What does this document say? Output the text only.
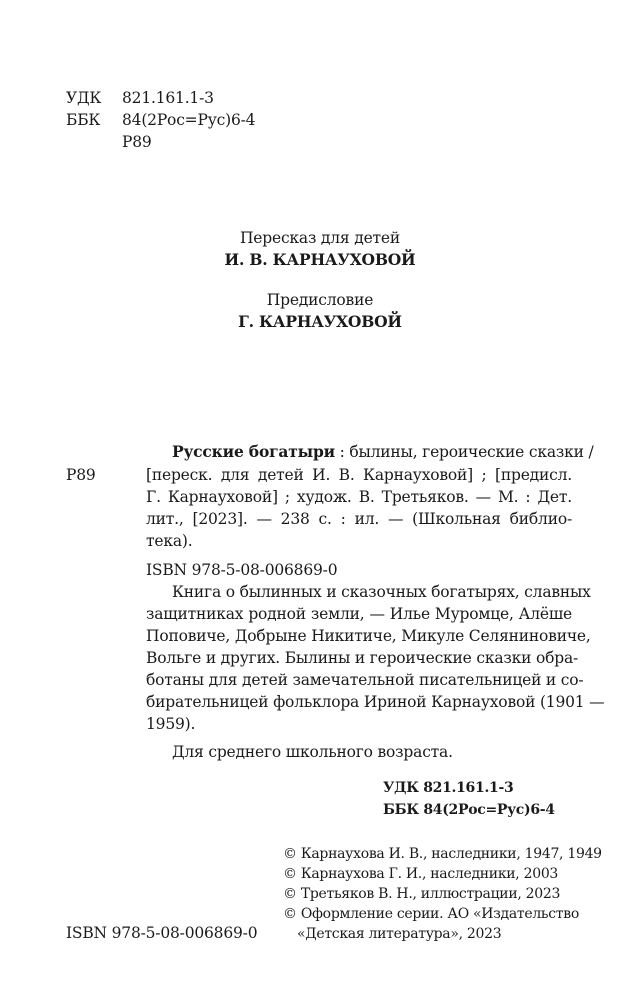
УДК 821.161.1-3
ББК 84(2Рос=Рус)6-4
Р89
Пересказ для детей
И. В. КАРНАУХОВОЙ
Предисловие
Г. КАРНАУХОВОЙ
Русские богатыри : былины, героические сказки /
Р89	[переск. для детей И. В. Карнауховой] ; [предисл.
Г. Карнауховой] ; худож. В. Третьяков. — М. : Дет.
лит., [2023]. — 238 с. : ил. — (Школьная библио-
тека).
ISBN 978-5-08-006869-0
Книга о былинных и сказочных богатырях, славных
защитниках родной земли, — Илье Муромце, Алёше
Поповиче, Добрыне Никитиче, Микуле Селяниновиче,
Вольге и других. Былины и героические сказки обра-
ботаны для детей замечательной писательницей и со-
бирательницей фольклора Ириной Карнауховой (1901 —
1959).
Для среднего школьного возраста.
УДК 821.161.1-3
ББК 84(2Рос=Рус)6-4
© Карнаухова И. В., наследники, 1947, 1949
© Карнаухова Г. И., наследники, 2003
© Третьяков В. Н., иллюстрации, 2023
© Оформление серии. АО «Издательство
«Детская литература», 2023
ISBN 978-5-08-006869-0
